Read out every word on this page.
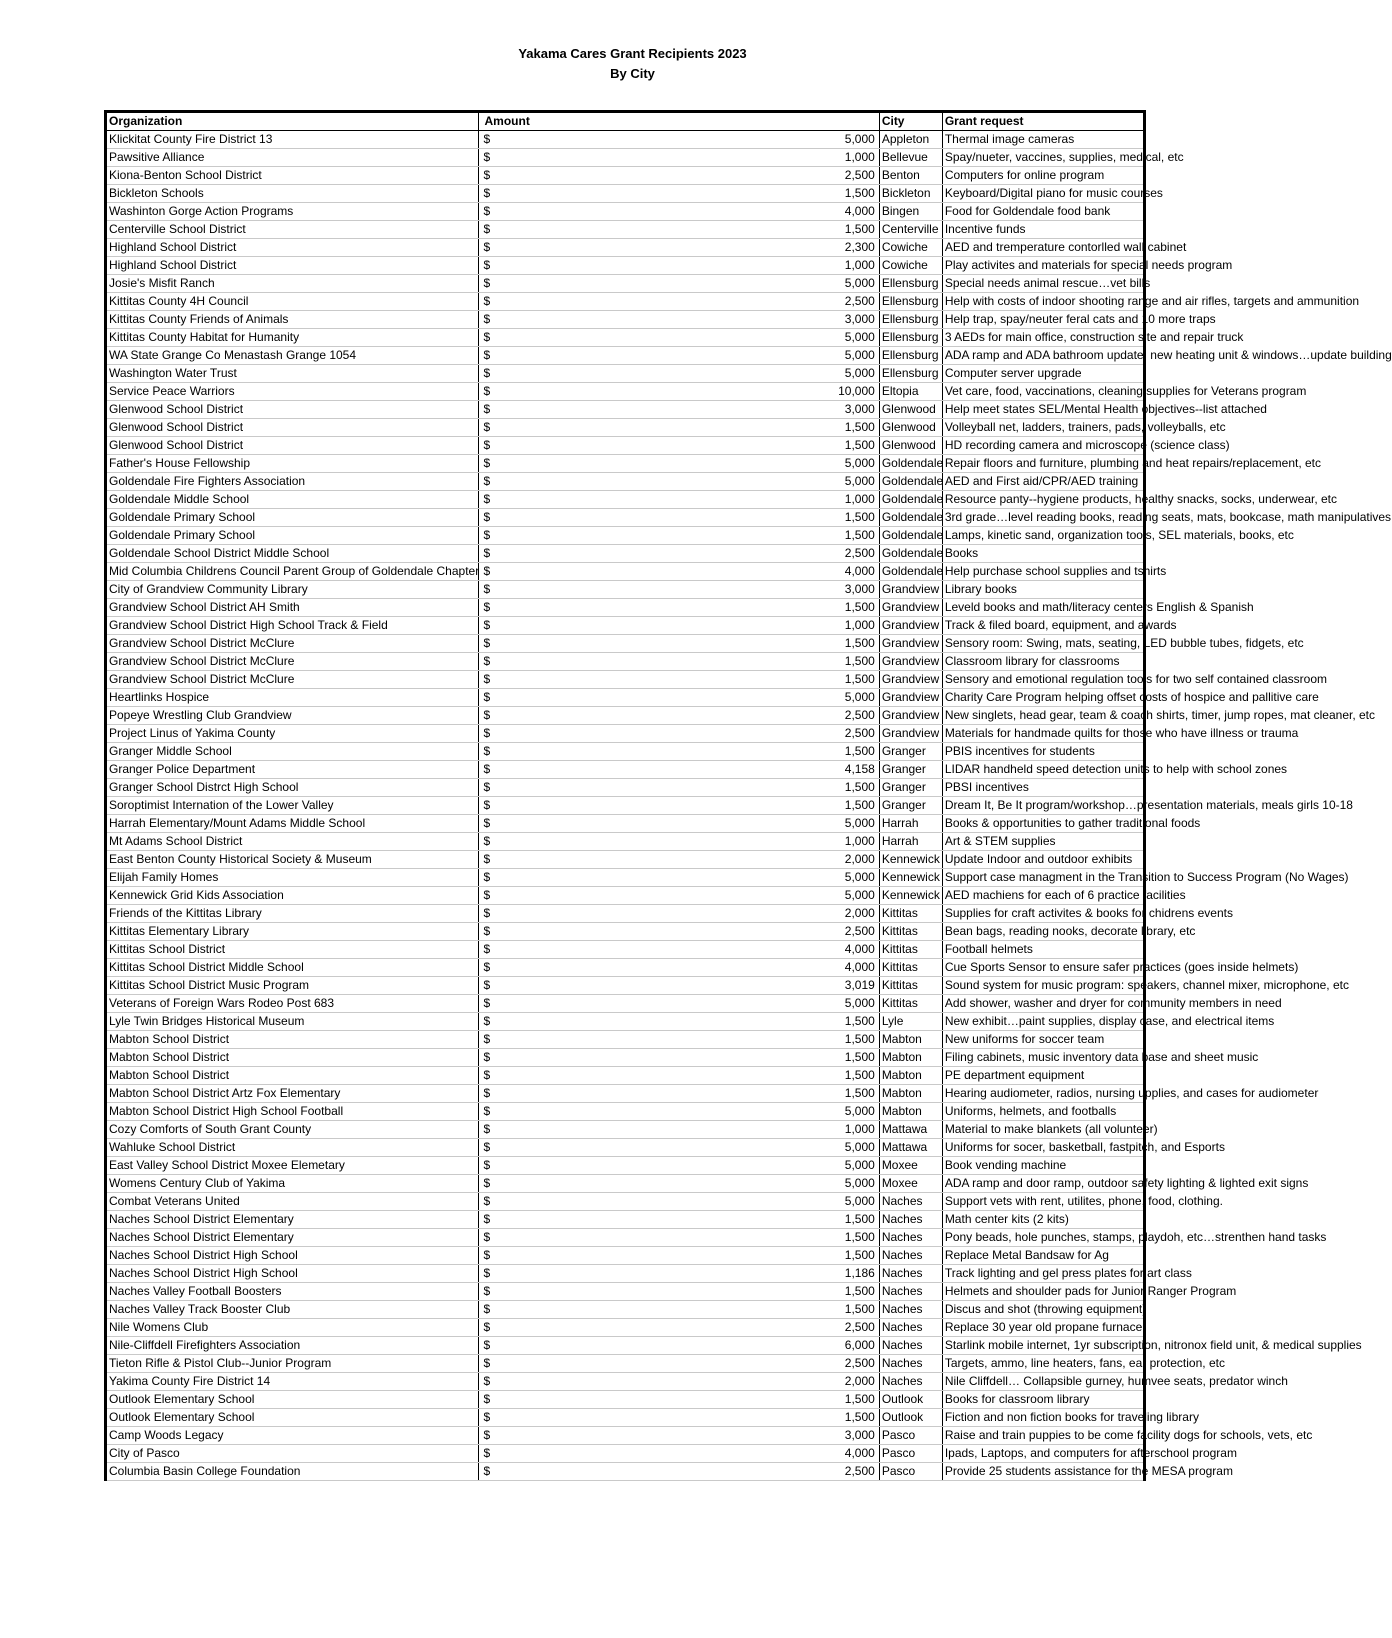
Yakama Cares Grant Recipients 2023
By City
Organization	Amount		City	Grant request
Klickitat County Fire District 13	$	5,000	Appleton	Thermal image cameras
Pawsitive Alliance	$	1,000	Bellevue	Spay/nueter, vaccines, supplies, medical, etc
Kiona-Benton School District	$	2,500	Benton	Computers for online program
Bickleton Schools	$	1,500	Bickleton	Keyboard/Digital piano for music courses
Washinton Gorge Action Programs	$	4,000	Bingen	Food for Goldendale food bank
Centerville School District	$	1,500	Centerville	Incentive funds
Highland School District	$	2,300	Cowiche	AED and tremperature contorlled wall cabinet
Highland School District	$	1,000	Cowiche	Play activites and materials for special needs program
Josie's Misfit Ranch	$	5,000	Ellensburg	Special needs animal rescue…vet bills
Kittitas County 4H Council	$	2,500	Ellensburg	Help with costs of indoor shooting range and air rifles, targets and ammunition
Kittitas County Friends of Animals	$	3,000	Ellensburg	Help trap, spay/neuter feral cats and 10 more traps
Kittitas County Habitat for Humanity	$	5,000	Ellensburg	3 AEDs for main office, construction site and repair truck
WA State Grange Co Menastash Grange 1054	$	5,000	Ellensburg	ADA ramp and ADA bathroom update, new heating unit & windows…update building
Washington Water Trust	$	5,000	Ellensburg	Computer server upgrade
Service Peace Warriors	$	10,000	Eltopia	Vet care, food, vaccinations, cleaning supplies for Veterans program
Glenwood School District	$	3,000	Glenwood	Help meet states SEL/Mental Health objectives--list attached
Glenwood School District	$	1,500	Glenwood	Volleyball net, ladders, trainers, pads, volleyballs, etc
Glenwood School District	$	1,500	Glenwood	HD recording camera and microscope (science class)
Father's House Fellowship	$	5,000	Goldendale	Repair floors and furniture, plumbing and heat repairs/replacement, etc
Goldendale Fire Fighters Association	$	5,000	Goldendale	AED and First aid/CPR/AED training
Goldendale Middle School	$	1,000	Goldendale	Resource panty--hygiene products, healthy snacks, socks, underwear, etc
Goldendale Primary School	$	1,500	Goldendale	3rd grade…level reading books, reading seats, mats, bookcase, math manipulatives
Goldendale Primary School	$	1,500	Goldendale	Lamps, kinetic sand, organization tools, SEL materials, books, etc
Goldendale School District Middle School	$	2,500	Goldendale	Books
Mid Columbia Childrens Council Parent Group of Goldendale Chapter	$	4,000	Goldendale	Help purchase school supplies and tshirts
City of Grandview Community Library	$	3,000	Grandview	Library books
Grandview School District AH Smith	$	1,500	Grandview	Leveld books and math/literacy centers English & Spanish
Grandview School District High School Track & Field	$	1,000	Grandview	Track & filed board, equipment, and awards
Grandview School District McClure	$	1,500	Grandview	Sensory room: Swing, mats, seating, LED bubble tubes, fidgets, etc
Grandview School District McClure	$	1,500	Grandview	Classroom library for classrooms
Grandview School District McClure	$	1,500	Grandview	Sensory and emotional regulation tools for two self contained classroom
Heartlinks Hospice	$	5,000	Grandview	Charity Care Program helping offset costs of hospice and pallitive care
Popeye Wrestling Club Grandview	$	2,500	Grandview	New singlets, head gear, team & coach shirts, timer, jump ropes, mat cleaner, etc
Project Linus of Yakima County	$	2,500	Grandview	Materials for handmade quilts for those who have illness or trauma
Granger Middle School	$	1,500	Granger	PBIS incentives for students
Granger Police Department	$	4,158	Granger	LIDAR handheld speed detection units to help with school zones
Granger School Distrct High School	$	1,500	Granger	PBSI incentives
Soroptimist Internation of the Lower Valley	$	1,500	Granger	Dream It, Be It program/workshop…presentation materials, meals girls 10-18
Harrah Elementary/Mount Adams Middle School	$	5,000	Harrah	Books & opportunities to gather traditional foods
Mt Adams School District	$	1,000	Harrah	Art & STEM supplies
East Benton County Historical Society & Museum	$	2,000	Kennewick	Update Indoor and outdoor exhibits
Elijah Family Homes	$	5,000	Kennewick	Support case managment in the Transition to Success Program (No Wages)
Kennewick Grid Kids Association	$	5,000	Kennewick	AED machiens for each of 6 practice facilities
Friends of the Kittitas Library	$	2,000	Kittitas	Supplies for craft activites & books for chidrens events
Kittitas Elementary Library	$	2,500	Kittitas	Bean bags, reading nooks, decorate library, etc
Kittitas School District	$	4,000	Kittitas	Football helmets
Kittitas School District Middle School	$	4,000	Kittitas	Cue Sports Sensor to ensure safer practices (goes inside helmets)
Kittitas School District Music Program	$	3,019	Kittitas	Sound system for music program: speakers, channel mixer, microphone, etc
Veterans of Foreign Wars Rodeo Post 683	$	5,000	Kittitas	Add shower, washer and dryer for community members in need
Lyle Twin Bridges Historical Museum	$	1,500	Lyle	New exhibit…paint supplies, display case, and electrical items
Mabton School District	$	1,500	Mabton	New uniforms for soccer team
Mabton School District	$	1,500	Mabton	Filing cabinets, music inventory data base and sheet music
Mabton School District	$	1,500	Mabton	PE department equipment
Mabton School District Artz Fox Elementary	$	1,500	Mabton	Hearing audiometer, radios, nursing upplies, and cases for audiometer
Mabton School District High School Football	$	5,000	Mabton	Uniforms, helmets, and footballs
Cozy Comforts of South Grant County	$	1,000	Mattawa	Material to make blankets (all volunteer)
Wahluke School District	$	5,000	Mattawa	Uniforms for socer, basketball, fastpitch, and Esports
East Valley School District Moxee Elemetary	$	5,000	Moxee	Book vending machine
Womens Century Club of Yakima	$	5,000	Moxee	ADA ramp and door ramp, outdoor safety lighting & lighted exit signs
Combat Veterans United	$	5,000	Naches	Support vets with rent, utilites, phone, food, clothing.
Naches School District Elementary	$	1,500	Naches	Math center kits (2 kits)
Naches School District Elementary	$	1,500	Naches	Pony beads, hole punches, stamps, playdoh, etc…strenthen hand tasks
Naches School District High School	$	1,500	Naches	Replace Metal Bandsaw for Ag
Naches School District High School	$	1,186	Naches	Track lighting and gel press plates for art class
Naches Valley Football Boosters	$	1,500	Naches	Helmets and shoulder pads for Junior Ranger Program
Naches Valley Track Booster Club	$	1,500	Naches	Discus and shot (throwing equipment)
Nile Womens Club	$	2,500	Naches	Replace 30 year old propane furnace
Nile-Cliffdell Firefighters Association	$	6,000	Naches	Starlink mobile internet, 1yr subscription, nitronox field unit, & medical supplies
Tieton Rifle & Pistol Club--Junior Program	$	2,500	Naches	Targets, ammo, line heaters, fans, ear protection, etc
Yakima County Fire District 14	$	2,000	Naches	Nile Cliffdell… Collapsible gurney, humvee seats, predator winch
Outlook Elementary School	$	1,500	Outlook	Books for classroom library
Outlook Elementary School	$	1,500	Outlook	Fiction and non fiction books for traveling library
Camp Woods Legacy	$	3,000	Pasco	Raise and train puppies to be come facility dogs for schools, vets, etc
City of Pasco	$	4,000	Pasco	Ipads, Laptops, and computers for afterschool program
Columbia Basin College Foundation	$	2,500	Pasco	Provide 25 students assistance for the MESA program
